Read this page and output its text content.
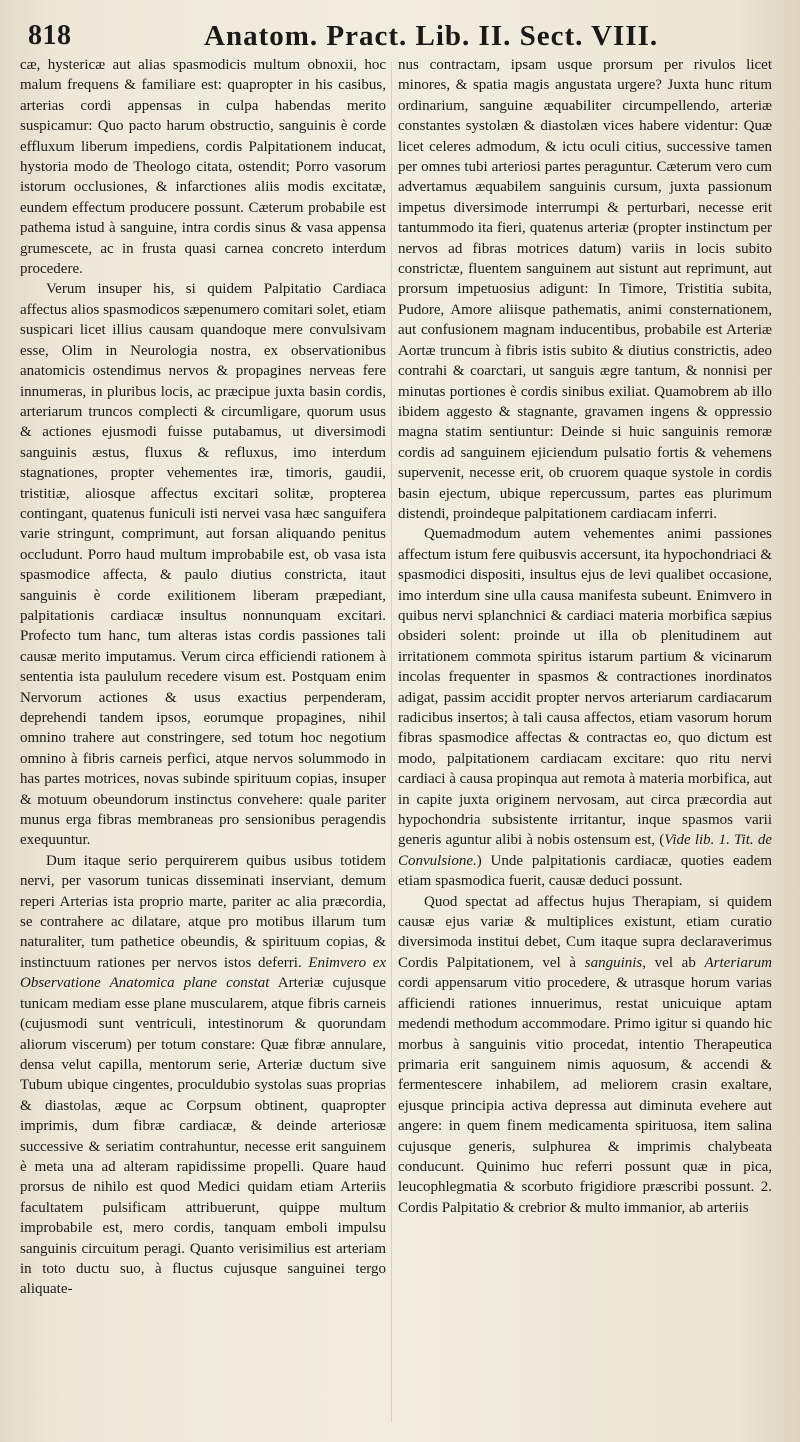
818	Anatom. Pract. Lib. II. Sect. VIII.

cæ, hystericæ aut alias spasmodicis multum obnoxii, hoc malum frequens & familiare est: quapropter in his casibus, arterias cordi appensas in culpa habendas merito suspicamur: Quo pacto harum obstructio, sanguinis è corde effluxum liberum impediens, cordis Palpitationem inducat, hystoria modo de Theologo citata, ostendit; Porro vasorum istorum occlusiones, & infarctiones aliis modis excitatæ, eundem effectum producere possunt. Cæterum probabile est pathema istud à sanguine, intra cordis sinus & vasa appensa grumescete, ac in frusta quasi carnea concreto interdum procedere.

Verum insuper his, si quidem Palpitatio Cardiaca affectus alios spasmodicos sæpenumero comitari solet, etiam suspicari licet illius causam quandoque mere convulsivam esse, Olim in Neurologia nostra, ex observationibus anatomicis ostendimus nervos & propagines nerveas fere innumeras, in pluribus locis, ac præcipue juxta basin cordis, arteriarum truncos complecti & circumligare, quorum usus & actiones ejusmodi fuisse putabamus, ut diversimodi sanguinis æstus, fluxus & refluxus, imo interdum stagnationes, propter vehementes iræ, timoris, gaudii, tristitiæ, aliosque affectus excitari solitæ, propterea contingant, quatenus funiculi isti nervei vasa hæc sanguifera varie stringunt, comprimunt, aut forsan aliquando penitus occludunt. Porro haud multum improbabile est, ob vasa ista spasmodice affecta, & paulo diutius constricta, itaut sanguinis è corde exilitionem liberam præpediant, palpitationis cardiacæ insultus nonnunquam excitari. Profecto tum hanc, tum alteras istas cordis passiones tali causæ merito imputamus. Verum circa efficiendi rationem à sententia ista paululum recedere visum est. Postquam enim Nervorum actiones & usus exactius perpenderam, deprehendi tandem ipsos, eorumque propagines, nihil omnino trahere aut constringere, sed totum hoc negotium omnino à fibris carneis perfici, atque nervos solummodo in has partes motrices, novas subinde spirituum copias, insuper & motuum obeundorum instinctus convehere: quale pariter munus erga fibras membraneas pro sensionibus peragendis exequuntur.

Dum itaque serio perquirerem quibus usibus totidem nervi, per vasorum tunicas disseminati inserviant, demum reperi Arterias ista proprio marte, pariter ac alia præcordia, se contrahere ac dilatare, atque pro motibus illarum tum naturaliter, tum pathetice obeundis, & spirituum copias, & instinctuum rationes per nervos istos deferri. Enimvero ex Observatione Anatomica plane constat Arteriæ cujusque tunicam mediam esse plane muscularem, atque fibris carneis (cujusmodi sunt ventriculi, intestinorum & quorundam aliorum viscerum) per totum constare: Quæ fibræ annulare, densa velut capilla, mentorum serie, Arteriæ ductum sive Tubum ubique cingentes, proculdubio systolas suas proprias & diastolas, æque ac Corpsum obtinent, quapropter imprimis, dum fibræ cardiacæ, & deinde arteriosæ successive & seriatim contrahuntur, necesse erit sanguinem è meta una ad alteram rapidissime propelli. Quare haud prorsus de nihilo est quod Medici quidam etiam Arteriis facultatem pulsificam attribuerunt, quippe multum improbabile est, mero cordis, tanquam emboli impulsu sanguinis circuitum peragi. Quanto verisimilius est arteriam in toto ductu suo, à fluctus cujusque sanguinei tergo aliquate-

nus contractam, ipsam usque prorsum per rivulos licet minores, & spatia magis angustata urgere? Juxta hunc ritum ordinarium, sanguine æquabiliter circumpellendo, arteriæ constantes systolæn & diastolæn vices habere videntur: Quæ licet celeres admodum, & ictu oculi citius, successive tamen per omnes tubi arteriosi partes peraguntur. Cæterum vero cum advertamus æquabilem sanguinis cursum, juxta passionum impetus diversimode interrumpi & perturbari, necesse erit tantummodo ita fieri, quatenus arteriæ (propter instinctum per nervos ad fibras motrices datum) variis in locis subito constrictæ, fluentem sanguinem aut sistunt aut reprimunt, aut prorsum impetuosius adigunt: In Timore, Tristitia subita, Pudore, Amore aliisque pathematis, animi consternationem, aut confusionem magnam inducentibus, probabile est Arteriæ Aortæ truncum à fibris istis subito & diutius constrictis, adeo contrahi & coarctari, ut sanguis ægre tantum, & nonnisi per minutas portiones è cordis sinibus exiliat. Quamobrem ab illo ibidem aggesto & stagnante, gravamen ingens & oppressio magna statim sentiuntur: Deinde si huic sanguinis remoræ cordis ad sanguinem ejiciendum pulsatio fortis & vehemens supervenit, necesse erit, ob cruorem quaque systole in cordis basin ejectum, ubique repercussum, partes eas plurimum distendi, proindeque palpitationem cardiacam inferri.

Quemadmodum autem vehementes animi passiones affectum istum fere quibusvis accersunt, ita hypochondriaci & spasmodici dispositi, insultus ejus de levi qualibet occasione, imo interdum sine ulla causa manifesta subeunt. Enimvero in quibus nervi splanchnici & cardiaci materia morbifica sæpius obsideri solent: proinde ut illa ob plenitudinem aut irritationem commota spiritus istarum partium & vicinarum incolas frequenter in spasmos & contractiones inordinatos adigat, passim accidit propter nervos arteriarum cardiacarum radicibus insertos; à tali causa affectos, etiam vasorum horum fibras spasmodice affectas & contractas eo, quo dictum est modo, palpitationem cardiacam excitare: quo ritu nervi cardiaci à causa propinqua aut remota à materia morbifica, aut in capite juxta originem nervosam, aut circa præcordia aut hypochondria subsistente irritantur, inque spasmos varii generis aguntur alibi à nobis ostensum est, (Vide lib. 1. Tit. de Convulsione.) Unde palpitationis cardiacæ, quoties eadem etiam spasmodica fuerit, causæ deduci possunt.

Quod spectat ad affectus hujus Therapiam, si quidem causæ ejus variæ & multiplices existunt, etiam curatio diversimoda institui debet, Cum itaque supra declaraverimus Cordis Palpitationem, vel à sanguinis, vel ab Arteriarum cordi appensarum vitio procedere, & utrasque horum varias afficiendi rationes innuerimus, restat unicuique aptam medendi methodum accommodare. Primo igitur si quando hic morbus à sanguinis vitio procedat, intentio Therapeutica primaria erit sanguinem nimis aquosum, & accendi & fermentescere inhabilem, ad meliorem crasin exaltare, ejusque principia activa depressa aut diminuta evehere aut angere: in quem finem medicamenta spirituosa, item salina cujusque generis, sulphurea & imprimis chalybeata conducunt. Quinimo huc referri possunt quæ in pica, leucophlegmatia & scorbuto frigidiore præscribi possunt. 2. Cordis Palpitatio & crebrior & multo immanior, ab arteriis
